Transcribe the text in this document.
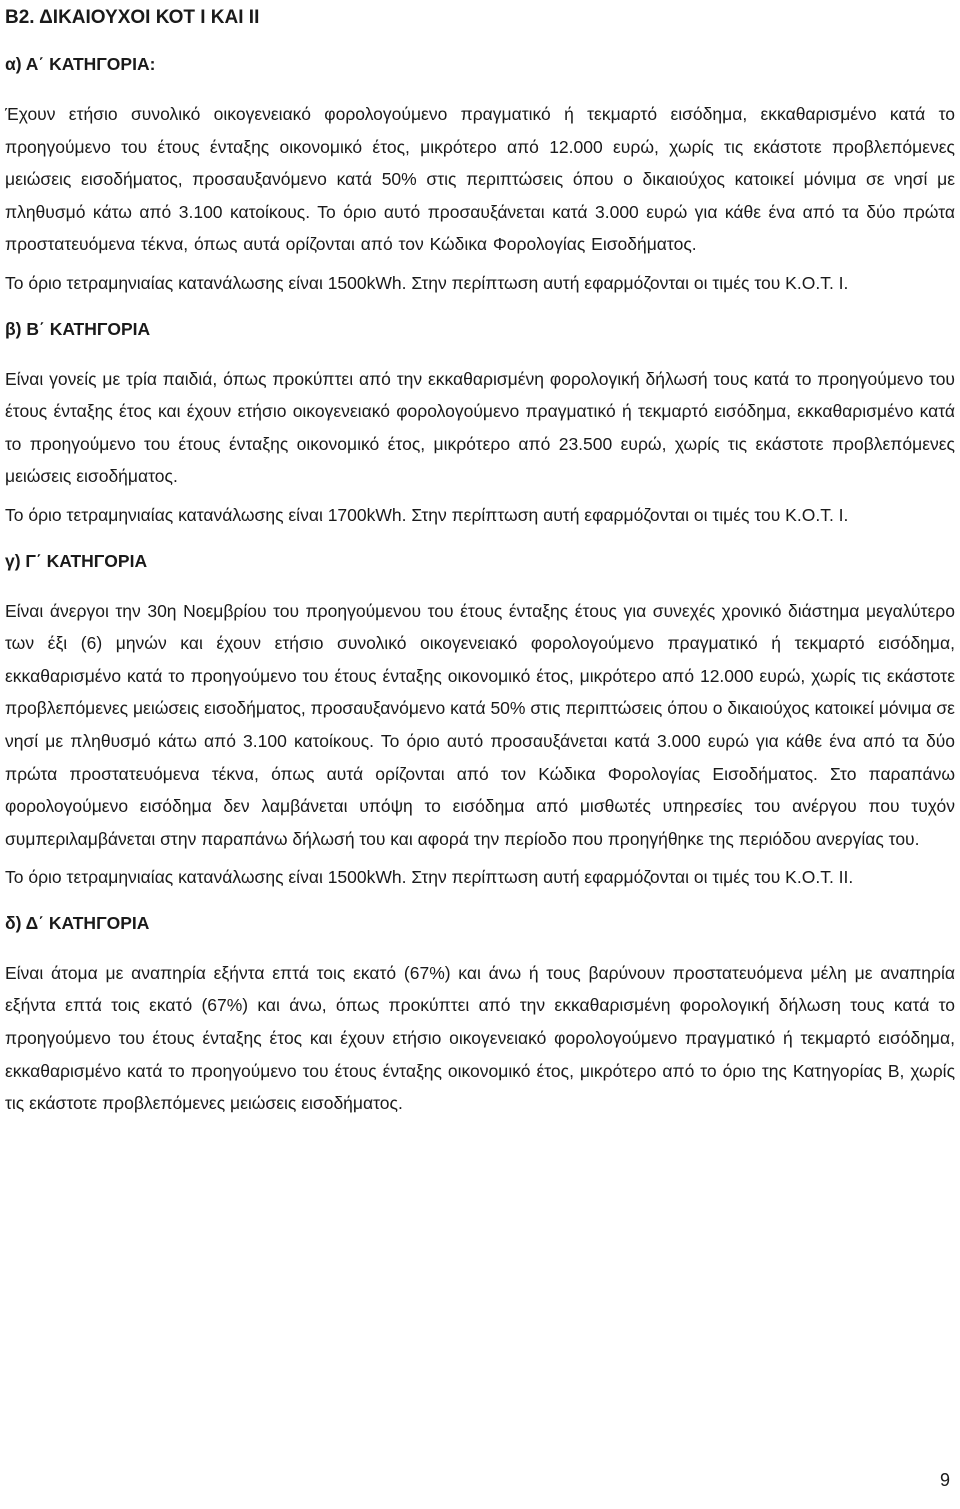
Β2. ΔΙΚΑΙΟΥΧΟΙ ΚΟΤ Ι ΚΑΙ ΙΙ
α) Α΄ ΚΑΤΗΓΟΡΙΑ:

Έχουν ετήσιο συνολικό οικογενειακό φορολογούμενο πραγματικό ή τεκμαρτό εισόδημα, εκκαθαρισμένο κατά το προηγούμενο του έτους ένταξης οικονομικό έτος, μικρότερο από 12.000 ευρώ, χωρίς τις εκάστοτε προβλεπόμενες μειώσεις εισοδήματος, προσαυξανόμενο κατά 50% στις περιπτώσεις όπου ο δικαιούχος κατοικεί μόνιμα σε νησί με πληθυσμό κάτω από 3.100 κατοίκους. Το όριο αυτό προσαυξάνεται κατά 3.000 ευρώ για κάθε ένα από τα δύο πρώτα προστατευόμενα τέκνα, όπως αυτά ορίζονται από τον Κώδικα Φορολογίας Εισοδήματος.

Το όριο τετραμηνιαίας κατανάλωσης είναι 1500kWh. Στην περίπτωση αυτή εφαρμόζονται οι τιμές του Κ.Ο.Τ. Ι.

β) Β΄ ΚΑΤΗΓΟΡΙΑ

Είναι γονείς με τρία παιδιά, όπως προκύπτει από την εκκαθαρισμένη φορολογική δήλωσή τους κατά το προηγούμενο του έτους ένταξης έτος και έχουν ετήσιο οικογενειακό φορολογούμενο πραγματικό ή τεκμαρτό εισόδημα, εκκαθαρισμένο κατά το προηγούμενο του έτους ένταξης οικονομικό έτος, μικρότερο από 23.500 ευρώ, χωρίς τις εκάστοτε προβλεπόμενες μειώσεις εισοδήματος.

Το όριο τετραμηνιαίας κατανάλωσης είναι 1700kWh. Στην περίπτωση αυτή εφαρμόζονται οι τιμές του Κ.Ο.Τ. Ι.

γ) Γ΄ ΚΑΤΗΓΟΡΙΑ

Είναι άνεργοι την 30η Νοεμβρίου του προηγούμενου του έτους ένταξης έτους για συνεχές χρονικό διάστημα μεγαλύτερο των έξι (6) μηνών και έχουν ετήσιο συνολικό οικογενειακό φορολογούμενο πραγματικό ή τεκμαρτό εισόδημα, εκκαθαρισμένο κατά το προηγούμενο του έτους ένταξης οικονομικό έτος, μικρότερο από 12.000 ευρώ, χωρίς τις εκάστοτε προβλεπόμενες μειώσεις εισοδήματος, προσαυξανόμενο κατά 50% στις περιπτώσεις όπου ο δικαιούχος κατοικεί μόνιμα σε νησί με πληθυσμό κάτω από 3.100 κατοίκους. Το όριο αυτό προσαυξάνεται κατά 3.000 ευρώ για κάθε ένα από τα δύο πρώτα προστατευόμενα τέκνα, όπως αυτά ορίζονται από τον Κώδικα Φορολογίας Εισοδήματος. Στο παραπάνω φορολογούμενο εισόδημα δεν λαμβάνεται υπόψη το εισόδημα από μισθωτές υπηρεσίες του ανέργου που τυχόν συμπεριλαμβάνεται στην παραπάνω δήλωσή του και αφορά την περίοδο που προηγήθηκε της περιόδου ανεργίας του.

Το όριο τετραμηνιαίας κατανάλωσης είναι 1500kWh. Στην περίπτωση αυτή εφαρμόζονται οι τιμές του Κ.Ο.Τ. ΙΙ.

δ) Δ΄ ΚΑΤΗΓΟΡΙΑ

Είναι άτομα με αναπηρία εξήντα επτά τοις εκατό (67%) και άνω ή τους βαρύνουν προστατευόμενα μέλη με αναπηρία εξήντα επτά τοις εκατό (67%) και άνω, όπως προκύπτει από την εκκαθαρισμένη φορολογική δήλωση τους κατά το προηγούμενο του έτους ένταξης έτος και έχουν ετήσιο οικογενειακό φορολογούμενο πραγματικό ή τεκμαρτό εισόδημα, εκκαθαρισμένο κατά το προηγούμενο του έτους ένταξης οικονομικό έτος, μικρότερο από το όριο της Κατηγορίας Β, χωρίς τις εκάστοτε προβλεπόμενες μειώσεις εισοδήματος.

9
